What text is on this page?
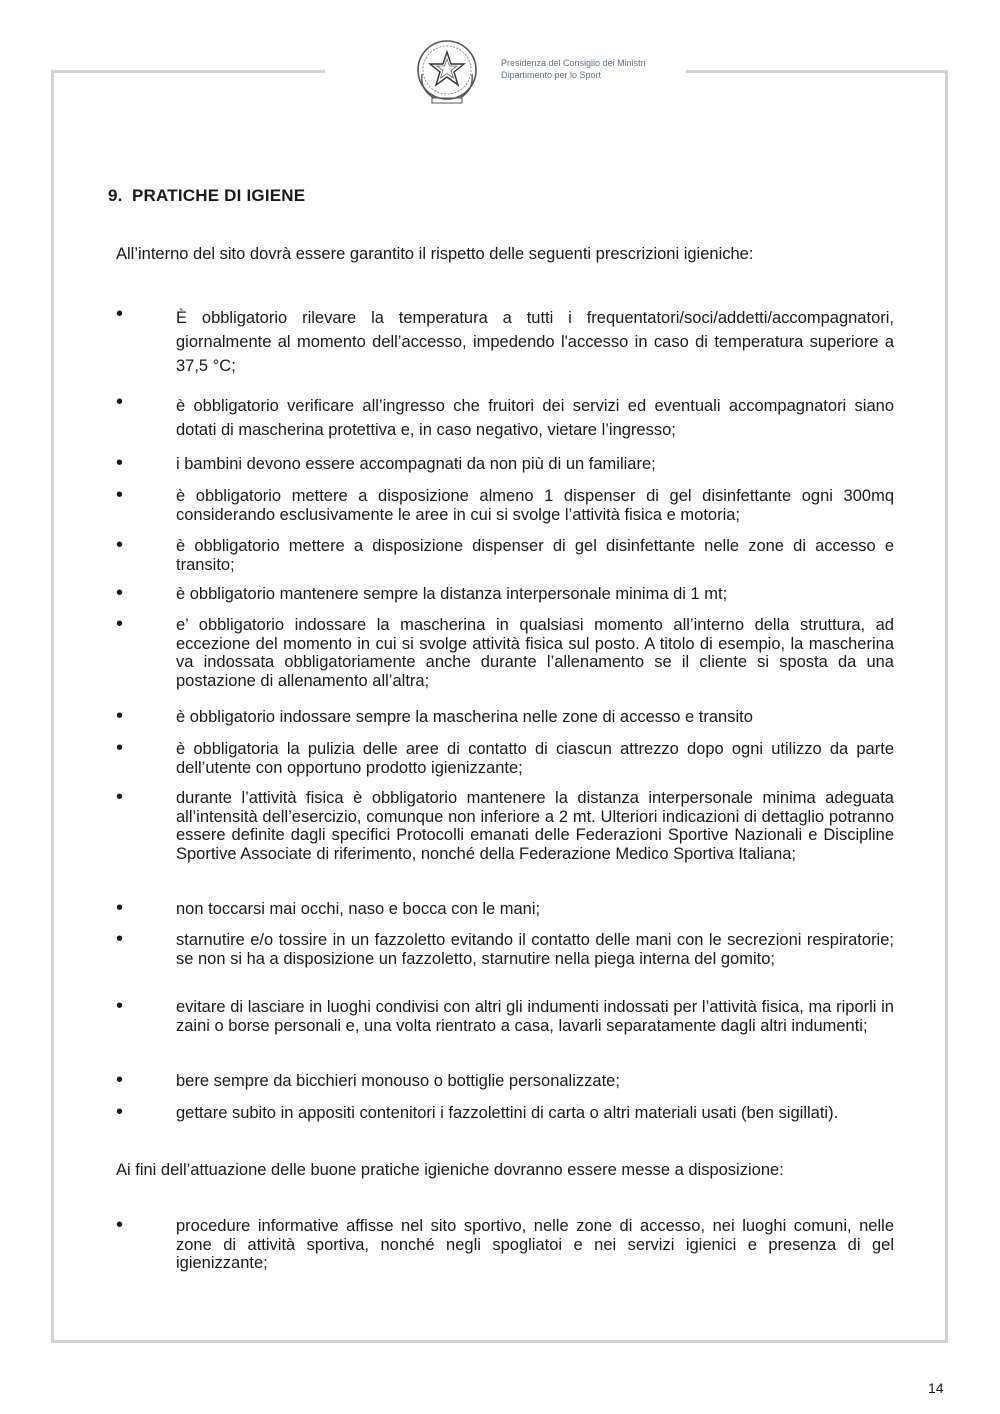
Presidenza del Consiglio dei Ministri
Dipartimento per lo Sport
9. PRATICHE DI IGIENE
All’interno del sito dovrà essere garantito il rispetto delle seguenti prescrizioni igieniche:
•	È obbligatorio rilevare la temperatura a tutti i frequentatori/soci/addetti/accompagnatori, giornalmente al momento dell’accesso, impedendo l'accesso in caso di temperatura superiore a 37,5 °C;
•	è obbligatorio verificare all’ingresso che fruitori dei servizi ed eventuali accompagnatori siano dotati di mascherina protettiva e, in caso negativo, vietare l’ingresso;
•	i bambini devono essere accompagnati da non più di un familiare;
•	è obbligatorio mettere a disposizione almeno 1 dispenser di gel disinfettante ogni 300mq considerando esclusivamente le aree in cui si svolge l’attività fisica e motoria;
•	è obbligatorio mettere a disposizione dispenser di gel disinfettante nelle zone di accesso e transito;
•	è obbligatorio mantenere sempre la distanza interpersonale minima di 1 mt;
•	e’ obbligatorio indossare la mascherina in qualsiasi momento all’interno della struttura, ad eccezione del momento in cui si svolge attività fisica sul posto. A titolo di esempio, la mascherina va indossata obbligatoriamente anche durante l’allenamento se il cliente si sposta da una postazione di allenamento all’altra;
•	è obbligatorio indossare sempre la mascherina nelle zone di accesso e transito
•	è obbligatoria la pulizia delle aree di contatto di ciascun attrezzo dopo ogni utilizzo da parte dell’utente con opportuno prodotto igienizzante;
•	durante l’attività fisica è obbligatorio mantenere la distanza interpersonale minima adeguata all’intensità dell’esercizio, comunque non inferiore a 2 mt. Ulteriori indicazioni di dettaglio potranno essere definite dagli specifici Protocolli emanati delle Federazioni Sportive Nazionali e Discipline Sportive Associate di riferimento, nonché della Federazione Medico Sportiva Italiana;
•	non toccarsi mai occhi, naso e bocca con le mani;
•	starnutire e/o tossire in un fazzoletto evitando il contatto delle mani con le secrezioni respiratorie; se non si ha a disposizione un fazzoletto, starnutire nella piega interna del gomito;
•	evitare di lasciare in luoghi condivisi con altri gli indumenti indossati per l’attività fisica, ma riporli in zaini o borse personali e, una volta rientrato a casa, lavarli separatamente dagli altri indumenti;
•	bere sempre da bicchieri monouso o bottiglie personalizzate;
•	gettare subito in appositi contenitori i fazzolettini di carta o altri materiali usati (ben sigillati).
Ai fini dell’attuazione delle buone pratiche igieniche dovranno essere messe a disposizione:
•	procedure informative affisse nel sito sportivo, nelle zone di accesso, nei luoghi comuni, nelle zone di attività sportiva, nonché negli spogliatoi e nei servizi igienici e presenza di gel igienizzante;
14
